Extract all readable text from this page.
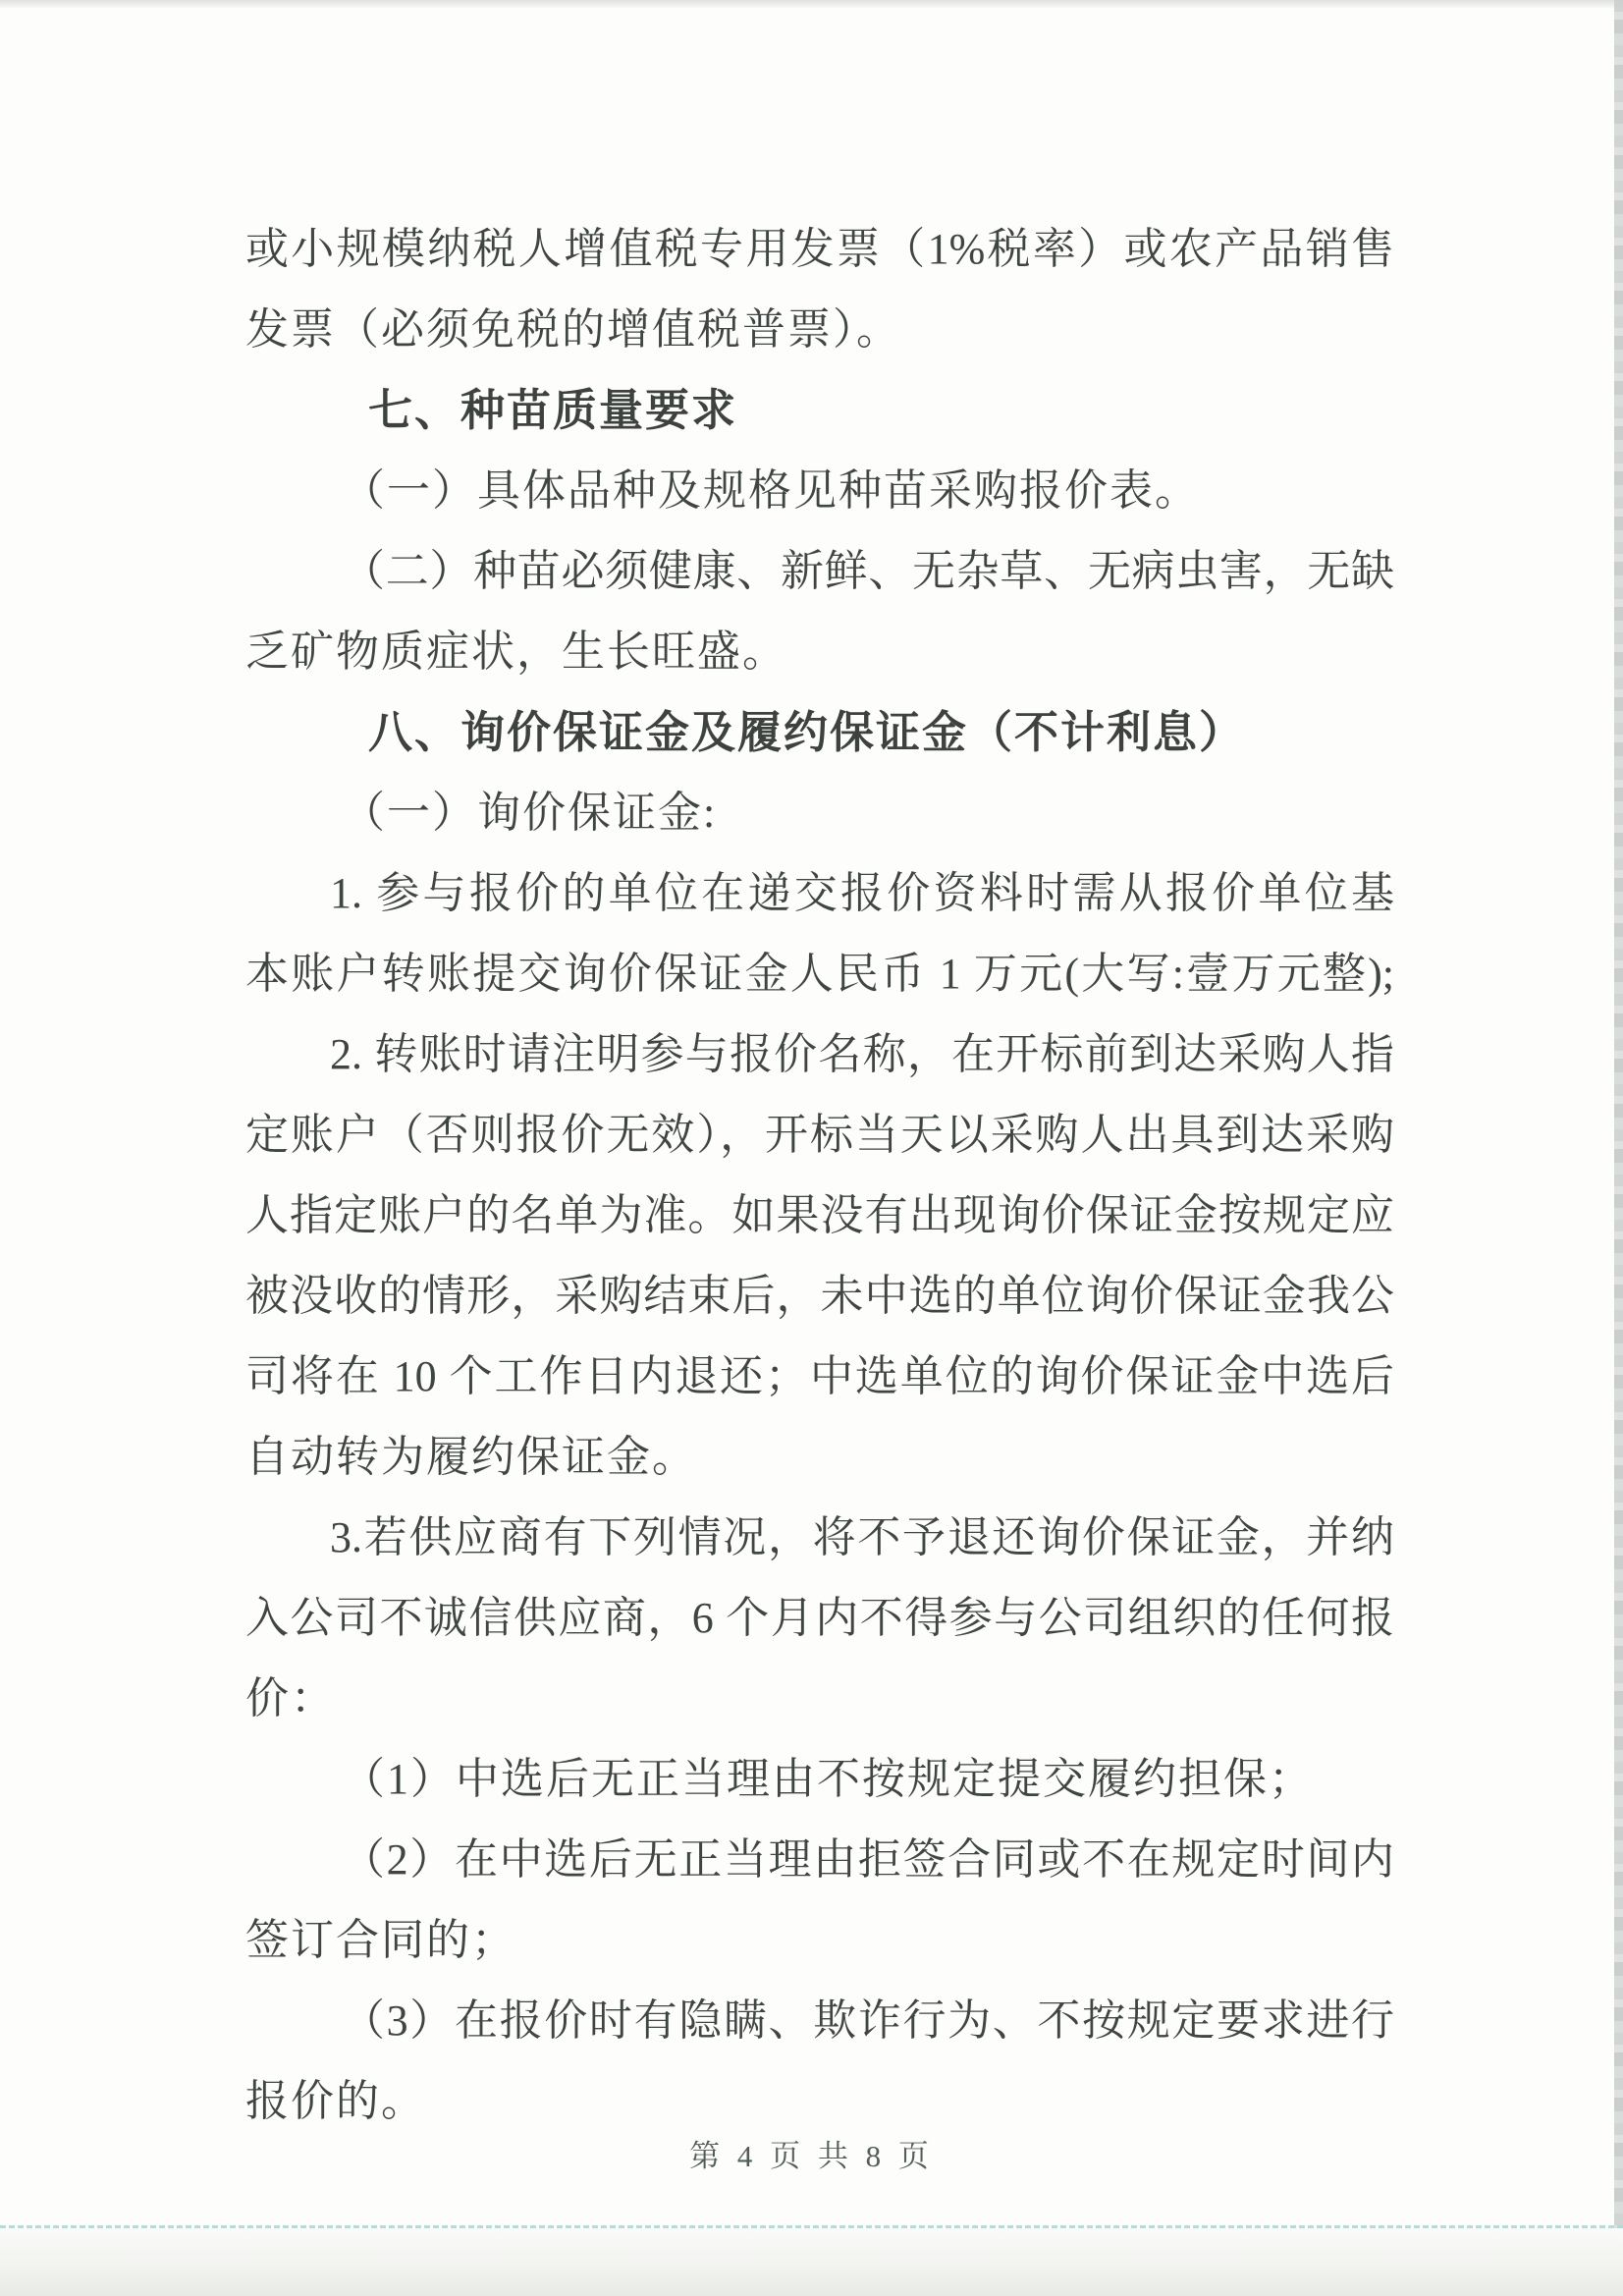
或小规模纳税人增值税专用发票（1%税率）或农产品销售
发票（必须免税的增值税普票）。
七、种苗质量要求
（一）具体品种及规格见种苗采购报价表。
（二）种苗必须健康、新鲜、无杂草、无病虫害，无缺
乏矿物质症状，生长旺盛。
八、询价保证金及履约保证金（不计利息）
（一）询价保证金:
1. 参与报价的单位在递交报价资料时需从报价单位基
本账户转账提交询价保证金人民币 1 万元(大写:壹万元整);
2. 转账时请注明参与报价名称，在开标前到达采购人指
定账户（否则报价无效），开标当天以采购人出具到达采购
人指定账户的名单为准。如果没有出现询价保证金按规定应
被没收的情形，采购结束后，未中选的单位询价保证金我公
司将在 10 个工作日内退还；中选单位的询价保证金中选后
自动转为履约保证金。
3.若供应商有下列情况，将不予退还询价保证金，并纳
入公司不诚信供应商，6 个月内不得参与公司组织的任何报
价：
（1）中选后无正当理由不按规定提交履约担保；
（2）在中选后无正当理由拒签合同或不在规定时间内
签订合同的；
（3）在报价时有隐瞒、欺诈行为、不按规定要求进行
报价的。
第 4 页 共 8 页
